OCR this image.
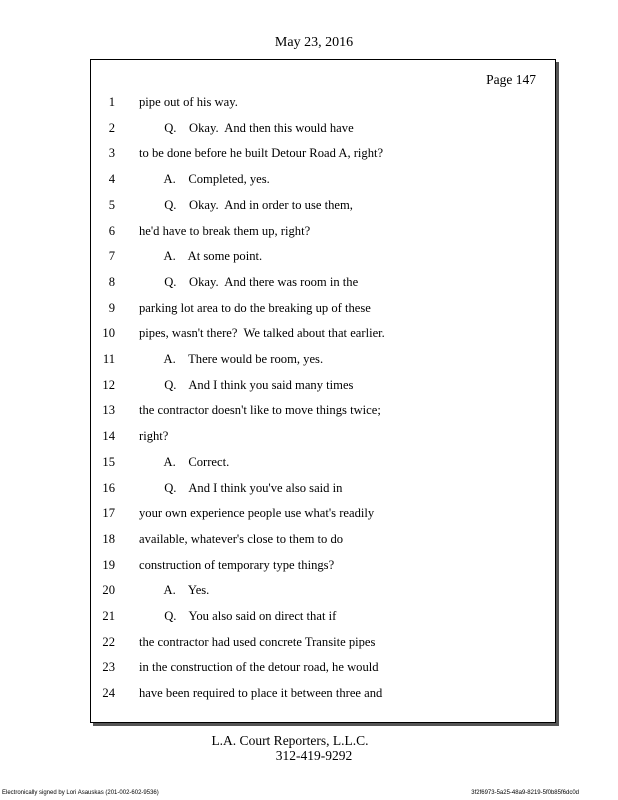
May 23, 2016
Page 147
1 pipe out of his way.
2 Q.    Okay.  And then this would have
3 to be done before he built Detour Road A, right?
4 A.    Completed, yes.
5 Q.    Okay.  And in order to use them,
6 he'd have to break them up, right?
7 A.    At some point.
8 Q.    Okay.  And there was room in the
9 parking lot area to do the breaking up of these
10 pipes, wasn't there?  We talked about that earlier.
11 A.    There would be room, yes.
12 Q.    And I think you said many times
13 the contractor doesn't like to move things twice;
14 right?
15 A.    Correct.
16 Q.    And I think you've also said in
17 your own experience people use what's readily
18 available, whatever's close to them to do
19 construction of temporary type things?
20 A.    Yes.
21 Q.    You also said on direct that if
22 the contractor had used concrete Transite pipes
23 in the construction of the detour road, he would
24 have been required to place it between three and
L.A. Court Reporters, L.L.C.
312-419-9292
Electronically signed by Lori Asauskas (201-002-602-9536)	3f2f6973-5a25-48a9-8219-5f0b85f6dc0d
